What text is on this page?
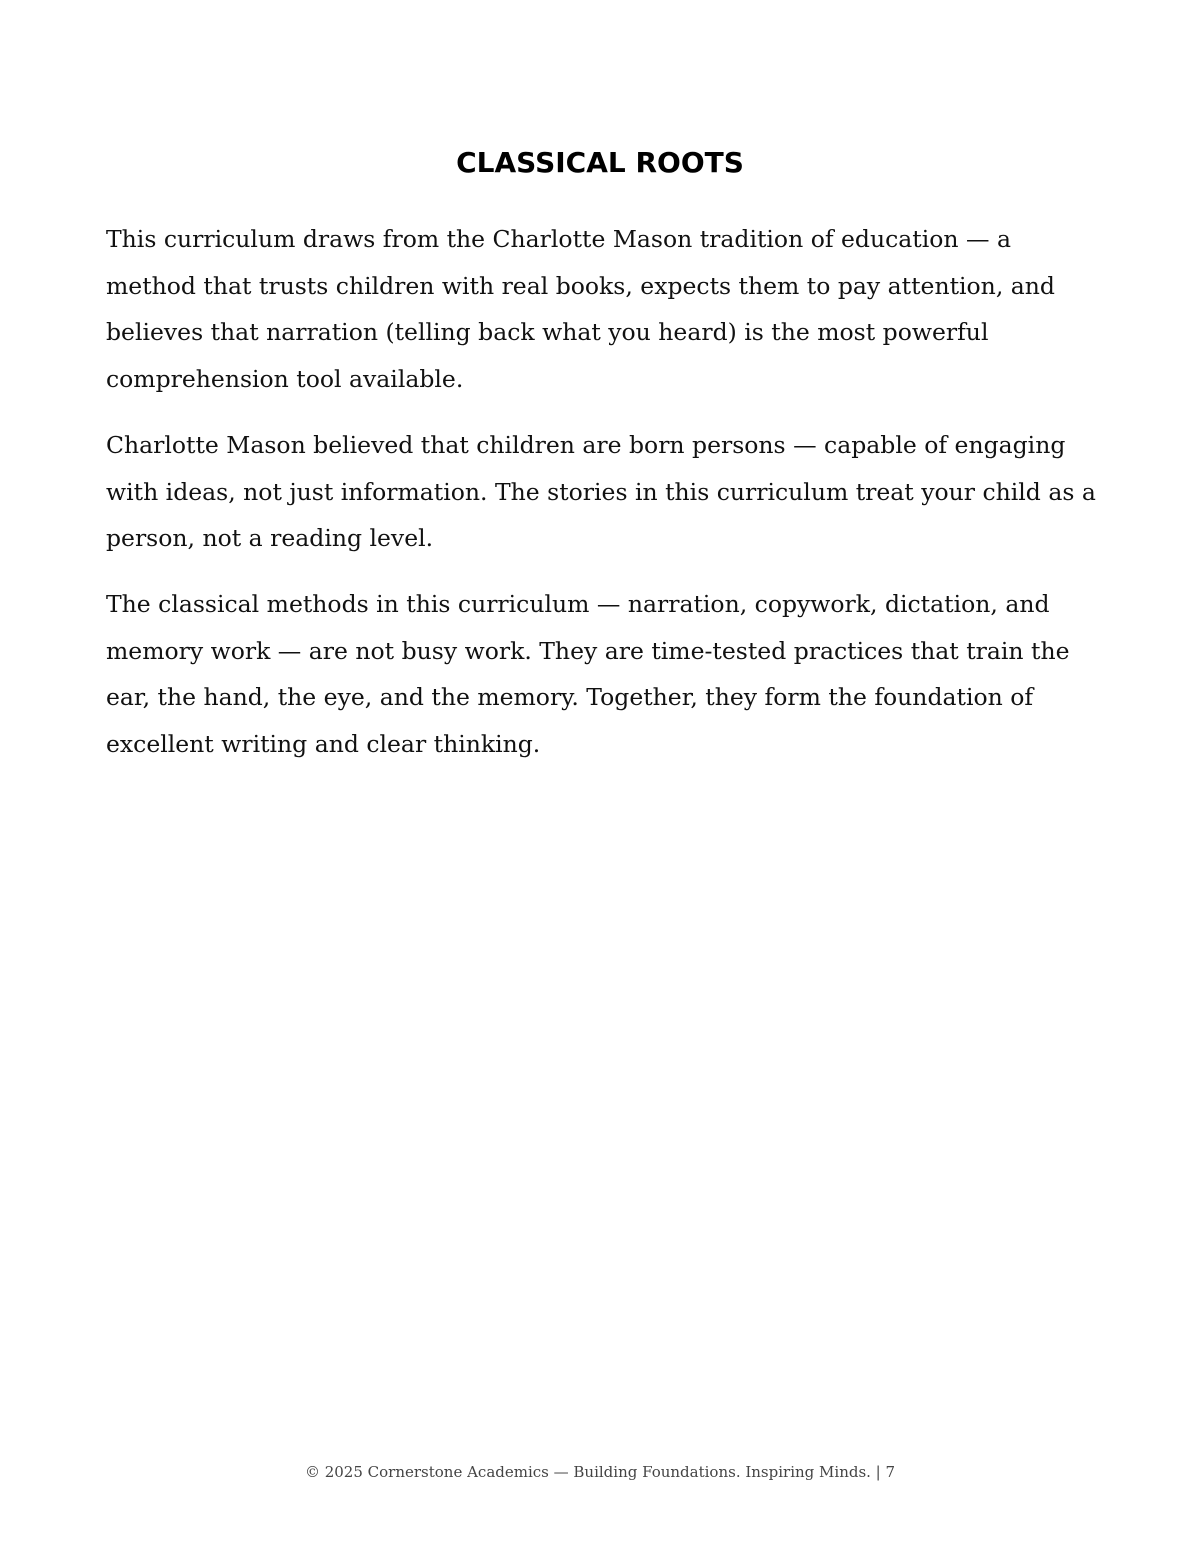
CLASSICAL ROOTS

This curriculum draws from the Charlotte Mason tradition of education — a method that trusts children with real books, expects them to pay attention, and believes that narration (telling back what you heard) is the most powerful comprehension tool available.

Charlotte Mason believed that children are born persons — capable of engaging with ideas, not just information. The stories in this curriculum treat your child as a person, not a reading level.

The classical methods in this curriculum — narration, copywork, dictation, and memory work — are not busy work. They are time-tested practices that train the ear, the hand, the eye, and the memory. Together, they form the foundation of excellent writing and clear thinking.

© 2025 Cornerstone Academics — Building Foundations. Inspiring Minds. | 7
